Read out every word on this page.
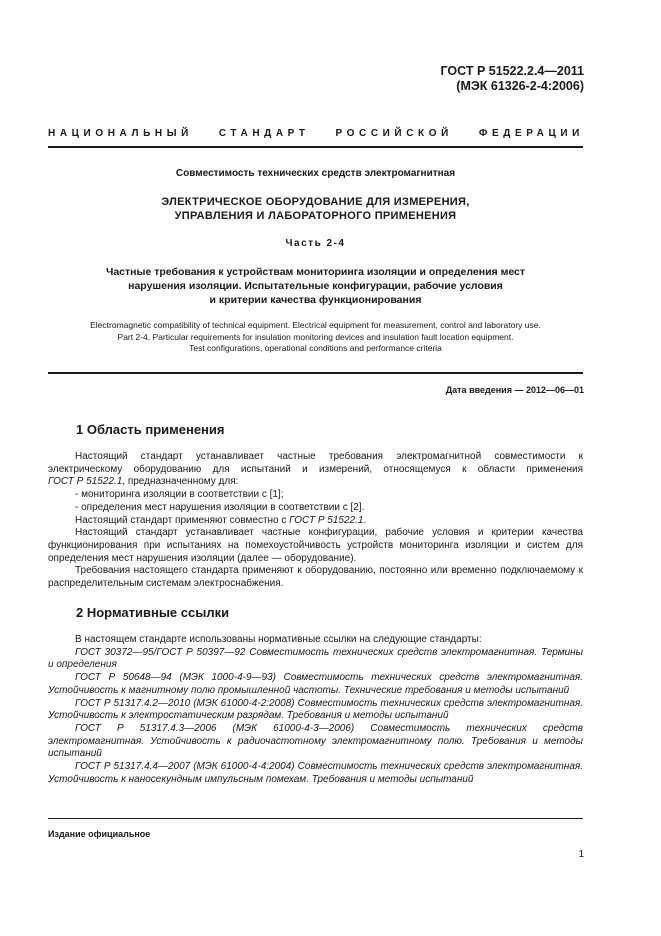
ГОСТ Р 51522.2.4—2011
(МЭК 61326-2-4:2006)
НАЦИОНАЛЬНЫЙ	СТАНДАРТ	РОССИЙСКОЙ	ФЕДЕРАЦИИ
Совместимость технических средств электромагнитная
ЭЛЕКТРИЧЕСКОЕ ОБОРУДОВАНИЕ ДЛЯ ИЗМЕРЕНИЯ,
УПРАВЛЕНИЯ И ЛАБОРАТОРНОГО ПРИМЕНЕНИЯ
Часть 2-4
Частные требования к устройствам мониторинга изоляции и определения мест
нарушения изоляции. Испытательные конфигурации, рабочие условия
и критерии качества функционирования
Electromagnetic compatibility of technical equipment. Electrical equipment for measurement, control and laboratory use.
Part 2-4. Particular requirements for insulation monitoring devices and insulation fault location equipment.
Test configurations, operational conditions and performance criteria
Дата введения — 2012—06—01
1 Область применения

Настоящий стандарт устанавливает частные требования электромагнитной совместимости к

электрическому оборудованию для испытаний и измерений, относящемуся к области применения

ГОСТ Р 51522.1, предназначенному для:

- мониторинга изоляции в соответствии с [1];

- определения мест нарушения изоляции в соответствии с [2].

Настоящий стандарт применяют совместно с ГОСТ Р 51522.1.

Настоящий стандарт устанавливает частные конфигурации, рабочие условия и критерии качества функционирования при испытаниях на помехоустойчивость устройств мониторинга изоляции и систем для определения мест нарушения изоляции (далее — оборудование).

Требования настоящего стандарта применяют к оборудованию, постоянно или временно подключаемому к распределительным системам электроснабжения.

2 Нормативные ссылки

В настоящем стандарте использованы нормативные ссылки на следующие стандарты:

ГОСТ 30372—95/ГОСТ Р 50397—92 Совместимость технических средств электромагнитная. Термины и определения

ГОСТ Р 50648—94 (МЭК 1000-4-9—93) Совместимость технических средств электромагнитная. Устойчивость к магнитному полю промышленной частоты. Технические требования и методы испытаний

ГОСТ Р 51317.4.2—2010 (МЭК 61000-4-2:2008) Совместимость технических средств электромагнитная. Устойчивость к электростатическим разрядам. Требования и методы испытаний

ГОСТ Р 51317.4.3—2006 (МЭК 61000-4-3—2006) Совместимость технических средств электромагнитная. Устойчивость к радиочастотному электромагнитному полю. Требования и методы испытаний

ГОСТ Р 51317.4.4—2007 (МЭК 61000-4-4:2004) Совместимость технических средств электромагнитная. Устойчивость к наносекундным импульсным помехам. Требования и методы испытаний

Издание официальное
1
